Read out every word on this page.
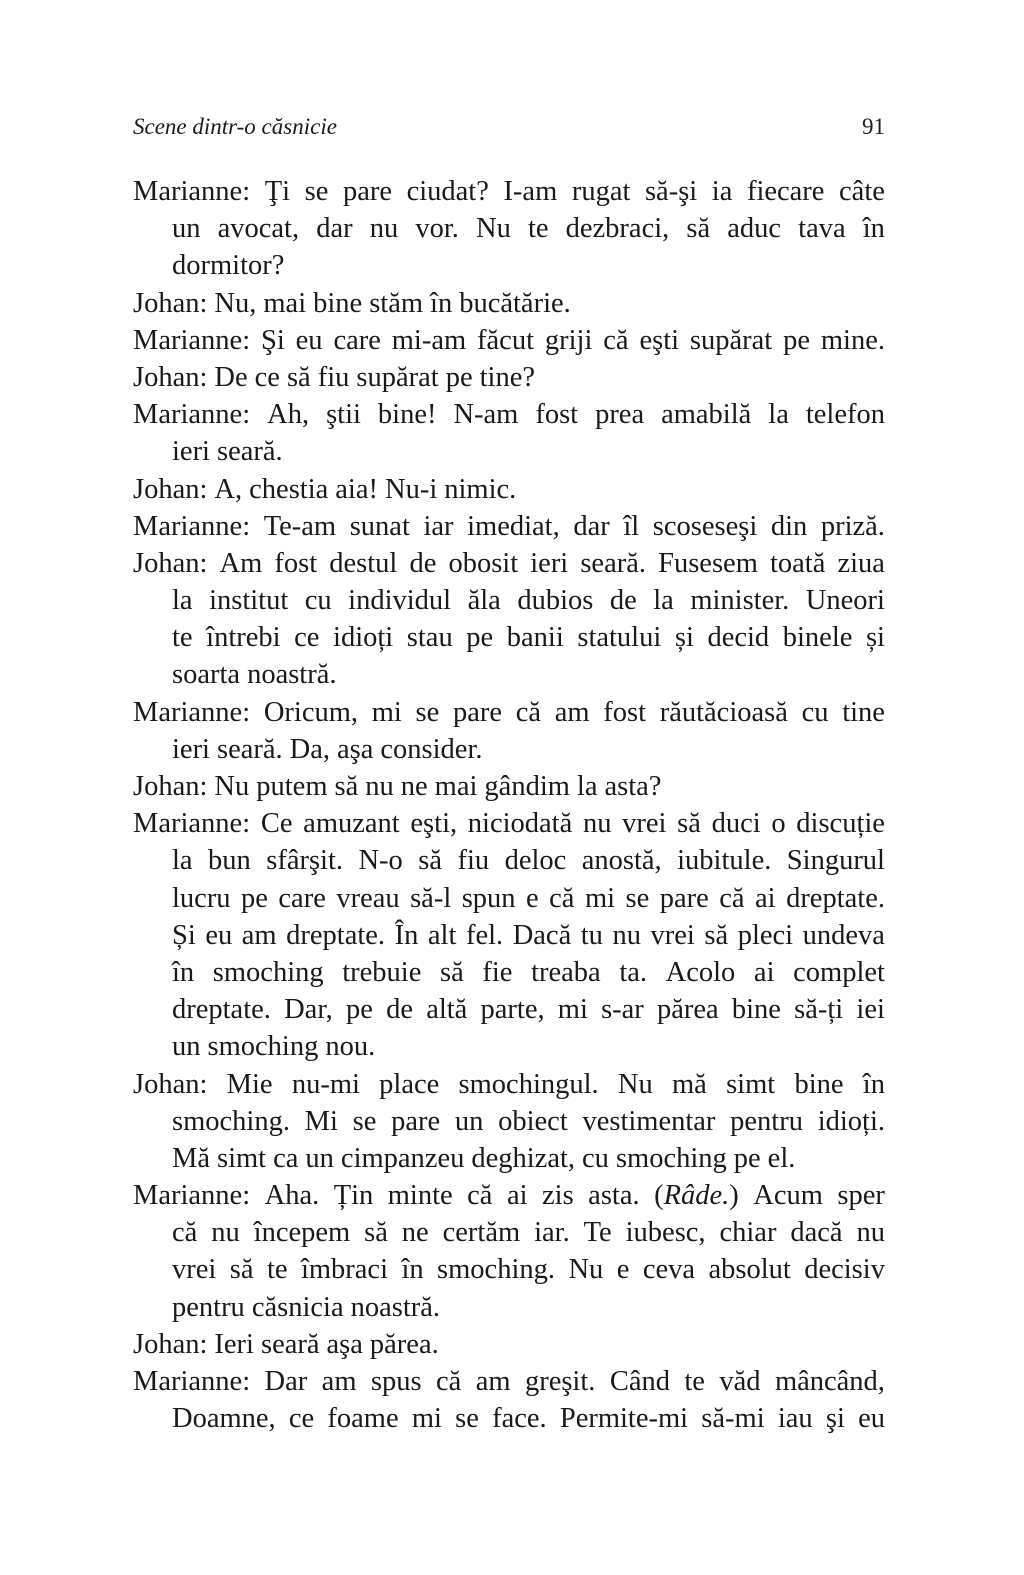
Scene dintr-o căsnicie	91
Marianne: Ţi se pare ciudat? I-am rugat să-şi ia fiecare câte
un avocat, dar nu vor. Nu te dezbraci, să aduc tava în
dormitor?
Johan: Nu, mai bine stăm în bucătărie.
Marianne: Şi eu care mi-am făcut griji că eşti supărat pe mine.
Johan: De ce să fiu supărat pe tine?
Marianne: Ah, ştii bine! N-am fost prea amabilă la telefon
ieri seară.
Johan: A, chestia aia! Nu-i nimic.
Marianne: Te-am sunat iar imediat, dar îl scoseseşi din priză.
Johan: Am fost destul de obosit ieri seară. Fusesem toată ziua
la institut cu individul ăla dubios de la minister. Uneori
te întrebi ce idioți stau pe banii statului și decid binele și
soarta noastră.
Marianne: Oricum, mi se pare că am fost răutăcioasă cu tine
ieri seară. Da, aşa consider.
Johan: Nu putem să nu ne mai gândim la asta?
Marianne: Ce amuzant eşti, niciodată nu vrei să duci o discuție
la bun sfârşit. N-o să fiu deloc anostă, iubitule. Singurul
lucru pe care vreau să-l spun e că mi se pare că ai dreptate.
Și eu am dreptate. În alt fel. Dacă tu nu vrei să pleci undeva
în smoching trebuie să fie treaba ta. Acolo ai complet
dreptate. Dar, pe de altă parte, mi s-ar părea bine să-ți iei
un smoching nou.
Johan: Mie nu-mi place smochingul. Nu mă simt bine în
smoching. Mi se pare un obiect vestimentar pentru idioți.
Mă simt ca un cimpanzeu deghizat, cu smoching pe el.
Marianne: Aha. Țin minte că ai zis asta. (Râde.) Acum sper
că nu începem să ne certăm iar. Te iubesc, chiar dacă nu
vrei să te îmbraci în smoching. Nu e ceva absolut decisiv
pentru căsnicia noastră.
Johan: Ieri seară aşa părea.
Marianne: Dar am spus că am greşit. Când te văd mâncând,
Doamne, ce foame mi se face. Permite-mi să-mi iau şi eu
